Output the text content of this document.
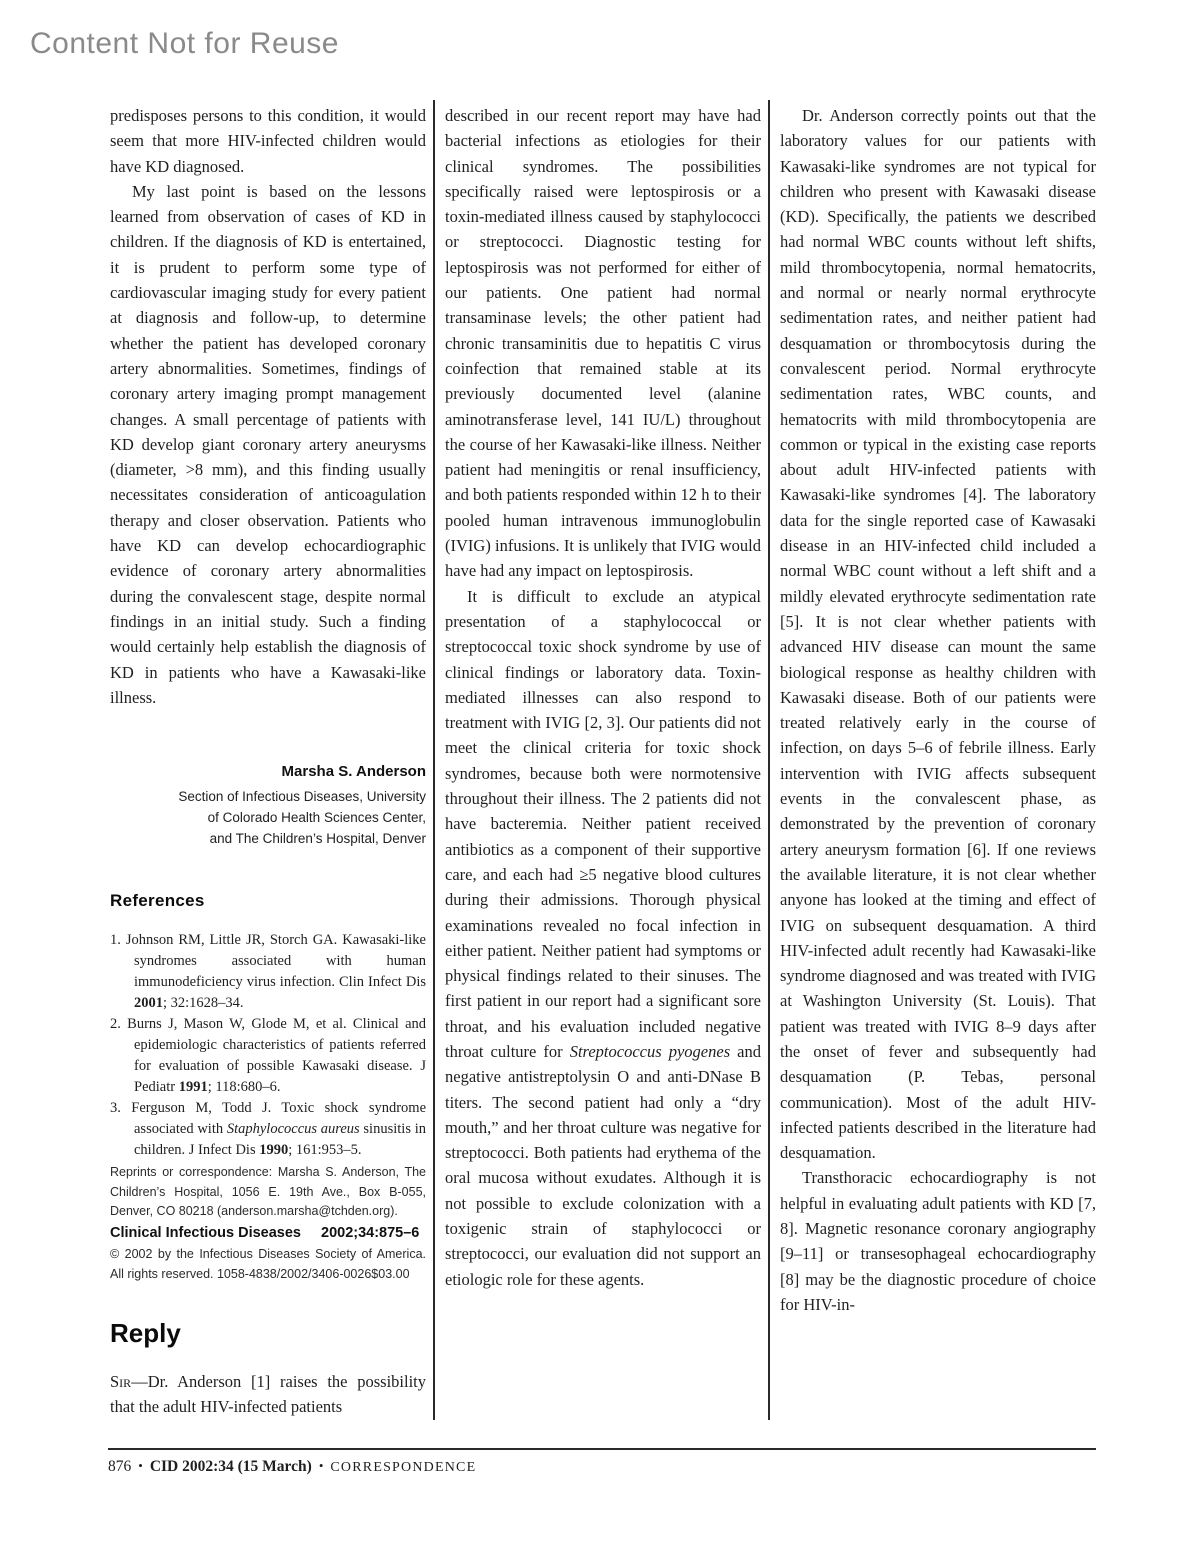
Content Not for Reuse

predisposes persons to this condition, it would seem that more HIV-infected children would have KD diagnosed.

My last point is based on the lessons learned from observation of cases of KD in children. If the diagnosis of KD is entertained, it is prudent to perform some type of cardiovascular imaging study for every patient at diagnosis and follow-up, to determine whether the patient has developed coronary artery abnormalities. Sometimes, findings of coronary artery imaging prompt management changes. A small percentage of patients with KD develop giant coronary artery aneurysms (diameter, >8 mm), and this finding usually necessitates consideration of anticoagulation therapy and closer observation. Patients who have KD can develop echocardiographic evidence of coronary artery abnormalities during the convalescent stage, despite normal findings in an initial study. Such a finding would certainly help establish the diagnosis of KD in patients who have a Kawasaki-like illness.

Marsha S. Anderson
Section of Infectious Diseases, University
of Colorado Health Sciences Center,
and The Children’s Hospital, Denver
References
1. Johnson RM, Little JR, Storch GA. Kawasaki-like syndromes associated with human immunodeficiency virus infection. Clin Infect Dis 2001; 32:1628–34.
2. Burns J, Mason W, Glode M, et al. Clinical and epidemiologic characteristics of patients referred for evaluation of possible Kawasaki disease. J Pediatr 1991; 118:680–6.
3. Ferguson M, Todd J. Toxic shock syndrome associated with Staphylococcus aureus sinusitis in children. J Infect Dis 1990; 161:953–5.
Reprints or correspondence: Marsha S. Anderson, The Children’s Hospital, 1056 E. 19th Ave., Box B-055, Denver, CO 80218 (anderson.marsha@tchden.org).
Clinical Infectious Diseases 2002;34:875–6
© 2002 by the Infectious Diseases Society of America. All rights reserved. 1058-4838/2002/3406-0026$03.00
Reply

Sir—Dr. Anderson [1] raises the possibility that the adult HIV-infected patients

described in our recent report may have had bacterial infections as etiologies for their clinical syndromes. The possibilities specifically raised were leptospirosis or a toxin-mediated illness caused by staphylococci or streptococci. Diagnostic testing for leptospirosis was not performed for either of our patients. One patient had normal transaminase levels; the other patient had chronic transaminitis due to hepatitis C virus coinfection that remained stable at its previously documented level (alanine aminotransferase level, 141 IU/L) throughout the course of her Kawasaki-like illness. Neither patient had meningitis or renal insufficiency, and both patients responded within 12 h to their pooled human intravenous immunoglobulin (IVIG) infusions. It is unlikely that IVIG would have had any impact on leptospirosis.

It is difficult to exclude an atypical presentation of a staphylococcal or streptococcal toxic shock syndrome by use of clinical findings or laboratory data. Toxin-mediated illnesses can also respond to treatment with IVIG [2, 3]. Our patients did not meet the clinical criteria for toxic shock syndromes, because both were normotensive throughout their illness. The 2 patients did not have bacteremia. Neither patient received antibiotics as a component of their supportive care, and each had ≥5 negative blood cultures during their admissions. Thorough physical examinations revealed no focal infection in either patient. Neither patient had symptoms or physical findings related to their sinuses. The first patient in our report had a significant sore throat, and his evaluation included negative throat culture for Streptococcus pyogenes and negative antistreptolysin O and anti-DNase B titers. The second patient had only a “dry mouth,” and her throat culture was negative for streptococci. Both patients had erythema of the oral mucosa without exudates. Although it is not possible to exclude colonization with a toxigenic strain of staphylococci or streptococci, our evaluation did not support an etiologic role for these agents.

Dr. Anderson correctly points out that the laboratory values for our patients with Kawasaki-like syndromes are not typical for children who present with Kawasaki disease (KD). Specifically, the patients we described had normal WBC counts without left shifts, mild thrombocytopenia, normal hematocrits, and normal or nearly normal erythrocyte sedimentation rates, and neither patient had desquamation or thrombocytosis during the convalescent period. Normal erythrocyte sedimentation rates, WBC counts, and hematocrits with mild thrombocytopenia are common or typical in the existing case reports about adult HIV-infected patients with Kawasaki-like syndromes [4]. The laboratory data for the single reported case of Kawasaki disease in an HIV-infected child included a normal WBC count without a left shift and a mildly elevated erythrocyte sedimentation rate [5]. It is not clear whether patients with advanced HIV disease can mount the same biological response as healthy children with Kawasaki disease. Both of our patients were treated relatively early in the course of infection, on days 5–6 of febrile illness. Early intervention with IVIG affects subsequent events in the convalescent phase, as demonstrated by the prevention of coronary artery aneurysm formation [6]. If one reviews the available literature, it is not clear whether anyone has looked at the timing and effect of IVIG on subsequent desquamation. A third HIV-infected adult recently had Kawasaki-like syndrome diagnosed and was treated with IVIG at Washington University (St. Louis). That patient was treated with IVIG 8–9 days after the onset of fever and subsequently had desquamation (P. Tebas, personal communication). Most of the adult HIV-infected patients described in the literature had desquamation.

Transthoracic echocardiography is not helpful in evaluating adult patients with KD [7, 8]. Magnetic resonance coronary angiography [9–11] or transesophageal echocardiography [8] may be the diagnostic procedure of choice for HIV-in-

876 • CID 2002:34 (15 March) • CORRESPONDENCE
